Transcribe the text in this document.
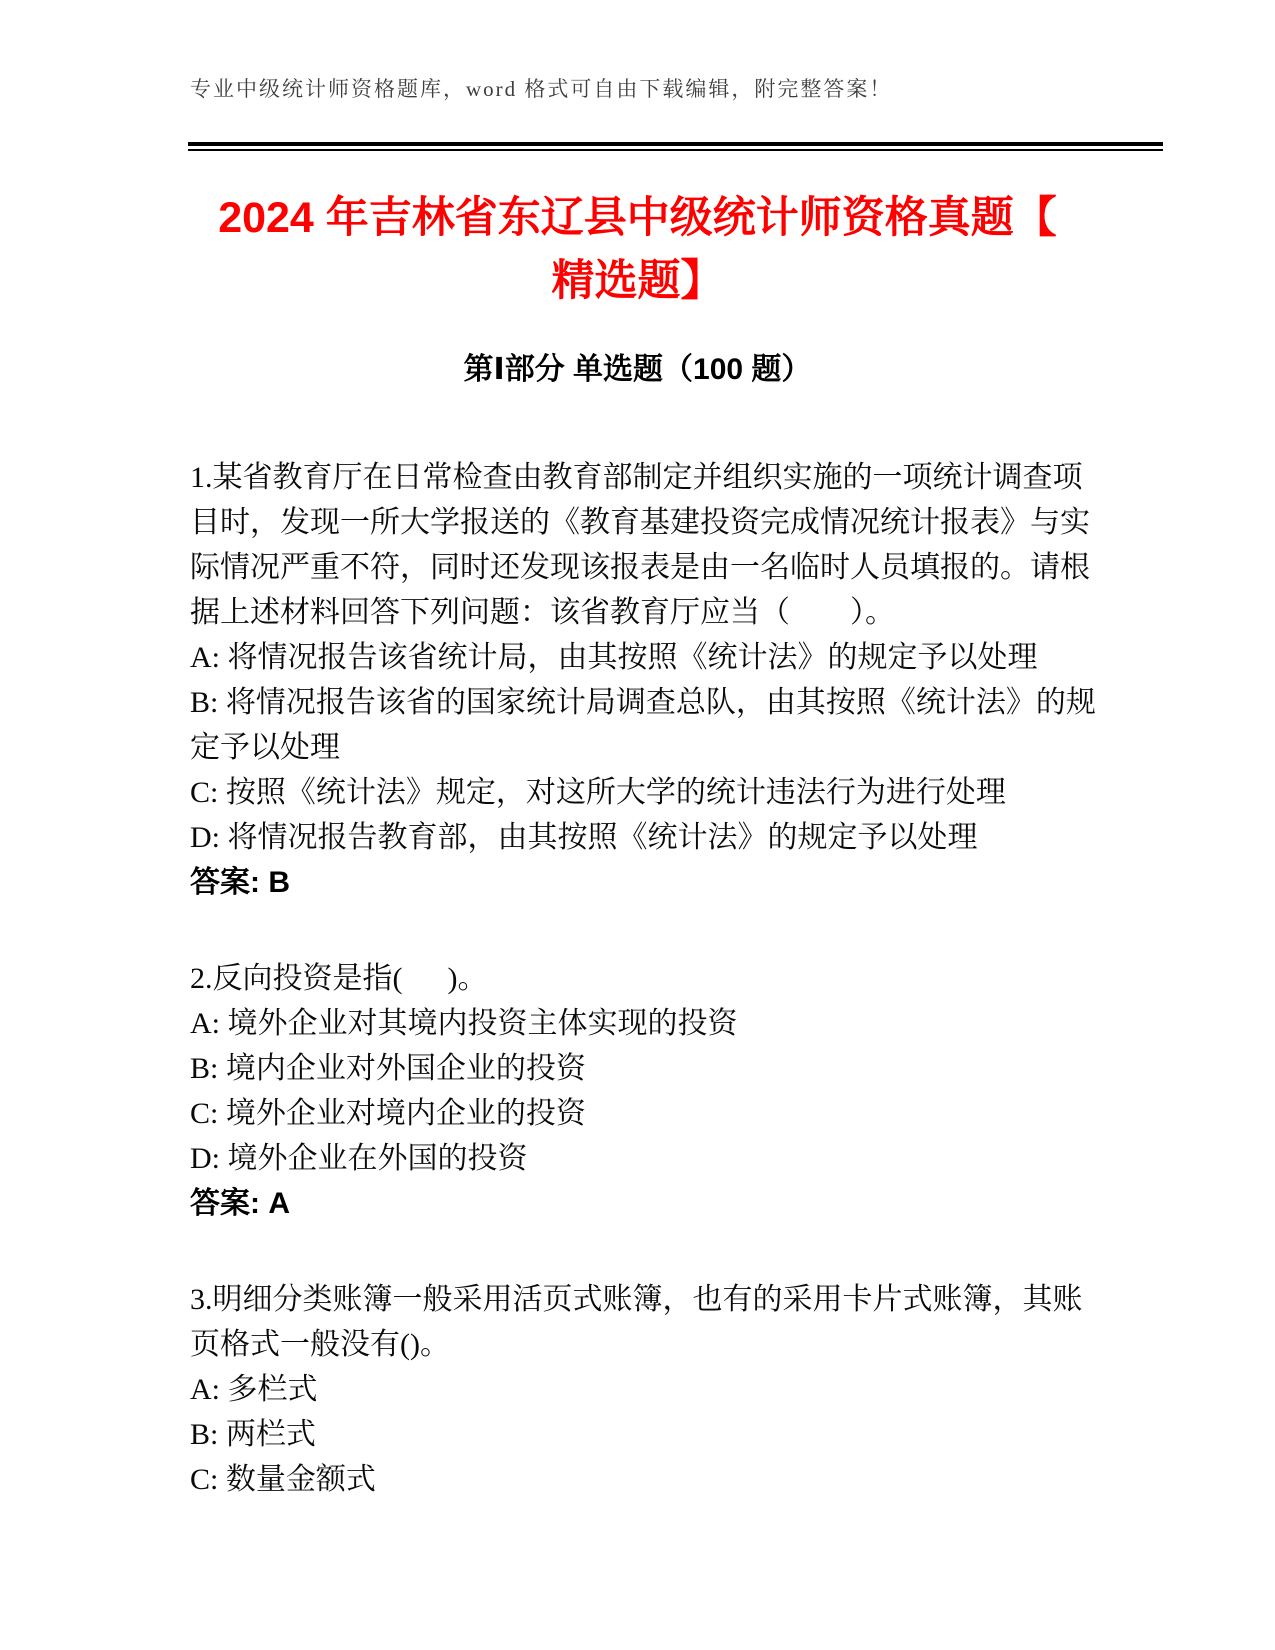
专业中级统计师资格题库，word 格式可自由下载编辑，附完整答案！
2024 年吉林省东辽县中级统计师资格真题【
精选题】
第Ⅰ部分 单选题（100 题）
1.某省教育厅在日常检查由教育部制定并组织实施的一项统计调查项
目时，发现一所大学报送的《教育基建投资完成情况统计报表》与实
际情况严重不符，同时还发现该报表是由一名临时人员填报的。请根
据上述材料回答下列问题：该省教育厅应当（        ）。
A: 将情况报告该省统计局，由其按照《统计法》的规定予以处理
B: 将情况报告该省的国家统计局调查总队，由其按照《统计法》的规
定予以处理
C: 按照《统计法》规定，对这所大学的统计违法行为进行处理
D: 将情况报告教育部，由其按照《统计法》的规定予以处理
答案: B
2.反向投资是指(      )。
A: 境外企业对其境内投资主体实现的投资
B: 境内企业对外国企业的投资
C: 境外企业对境内企业的投资
D: 境外企业在外国的投资
答案: A
3.明细分类账簿一般采用活页式账簿，也有的采用卡片式账簿，其账
页格式一般没有()。
A: 多栏式
B: 两栏式
C: 数量金额式
